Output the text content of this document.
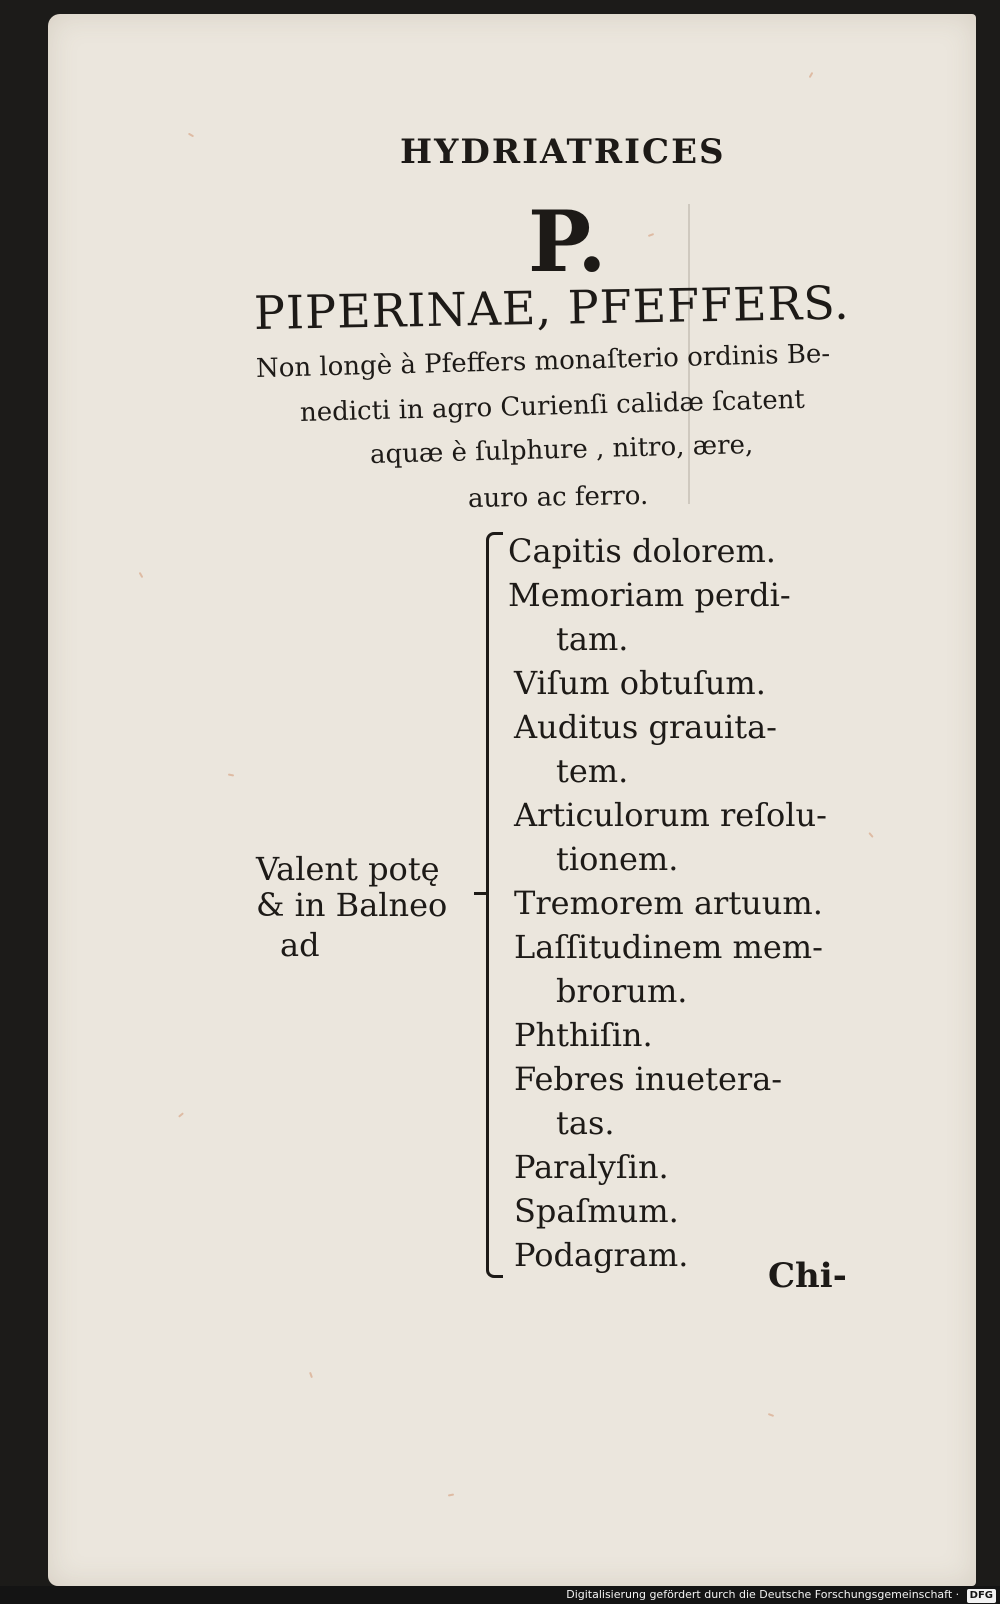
HYDRIATRICES
P.
PIPERINAE, PFEFFERS.
Non longè à Pfeffers monaſterio ordinis Be-
nedicti in agro Curienſi calidæ ſcatent
aquæ è ſulphure , nitro, ære,
auro ac ferro.
Valent potę
& in Balneo
ad
Capitis dolorem.
Memoriam perdi-
tam.
Viſum obtuſum.
Auditus grauita-
tem.
Articulorum reſolu-
tionem.
Tremorem artuum.
Laſſitudinem mem-
brorum.
Phthiſin.
Febres inuetera-
tas.
Paralyſin.
Spaſmum.
Podagram.
Chi-
Digitalisierung gefördert durch die Deutsche Forschungsgemeinschaft · DFG
